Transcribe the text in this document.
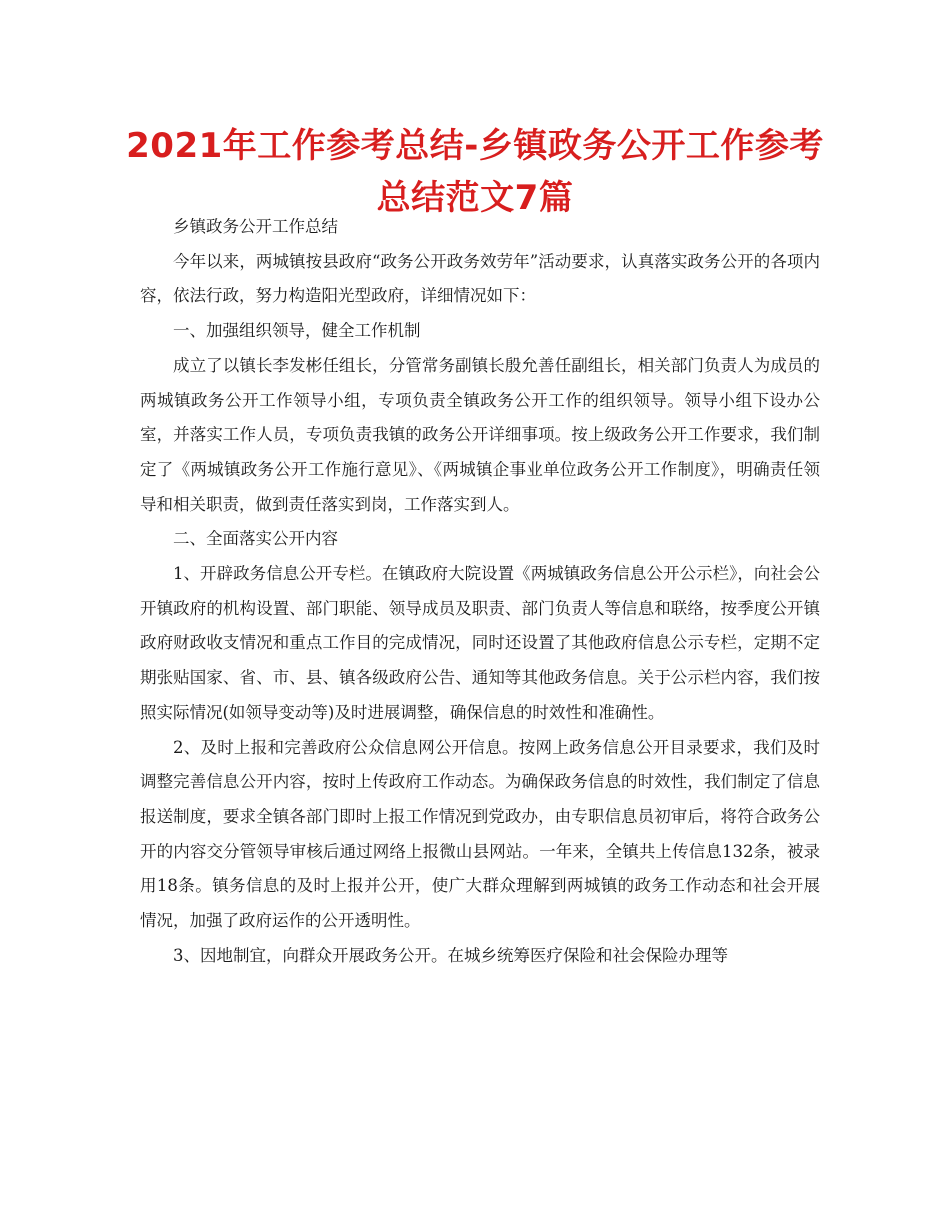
2021年工作参考总结-乡镇政务公开工作参考总结范文7篇

乡镇政务公开工作总结

今年以来，两城镇按县政府“政务公开政务效劳年”活动要求，认真落实政务公开的各项内容，依法行政，努力构造阳光型政府，详细情况如下：

一、加强组织领导，健全工作机制

成立了以镇长李发彬任组长，分管常务副镇长殷允善任副组长，相关部门负责人为成员的两城镇政务公开工作领导小组，专项负责全镇政务公开工作的组织领导。领导小组下设办公室，并落实工作人员，专项负责我镇的政务公开详细事项。按上级政务公开工作要求，我们制定了《两城镇政务公开工作施行意见》、《两城镇企事业单位政务公开工作制度》，明确责任领导和相关职责，做到责任落实到岗，工作落实到人。

二、全面落实公开内容

1、开辟政务信息公开专栏。在镇政府大院设置《两城镇政务信息公开公示栏》，向社会公开镇政府的机构设置、部门职能、领导成员及职责、部门负责人等信息和联络，按季度公开镇政府财政收支情况和重点工作目的完成情况，同时还设置了其他政府信息公示专栏，定期不定期张贴国家、省、市、县、镇各级政府公告、通知等其他政务信息。关于公示栏内容，我们按照实际情况(如领导变动等)及时进展调整，确保信息的时效性和准确性。

2、及时上报和完善政府公众信息网公开信息。按网上政务信息公开目录要求，我们及时调整完善信息公开内容，按时上传政府工作动态。为确保政务信息的时效性，我们制定了信息报送制度，要求全镇各部门即时上报工作情况到党政办，由专职信息员初审后，将符合政务公开的内容交分管领导审核后通过网络上报微山县网站。一年来，全镇共上传信息132条，被录用18条。镇务信息的及时上报并公开，使广大群众理解到两城镇的政务工作动态和社会开展情况，加强了政府运作的公开透明性。

3、因地制宜，向群众开展政务公开。在城乡统筹医疗保险和社会保险办理等
